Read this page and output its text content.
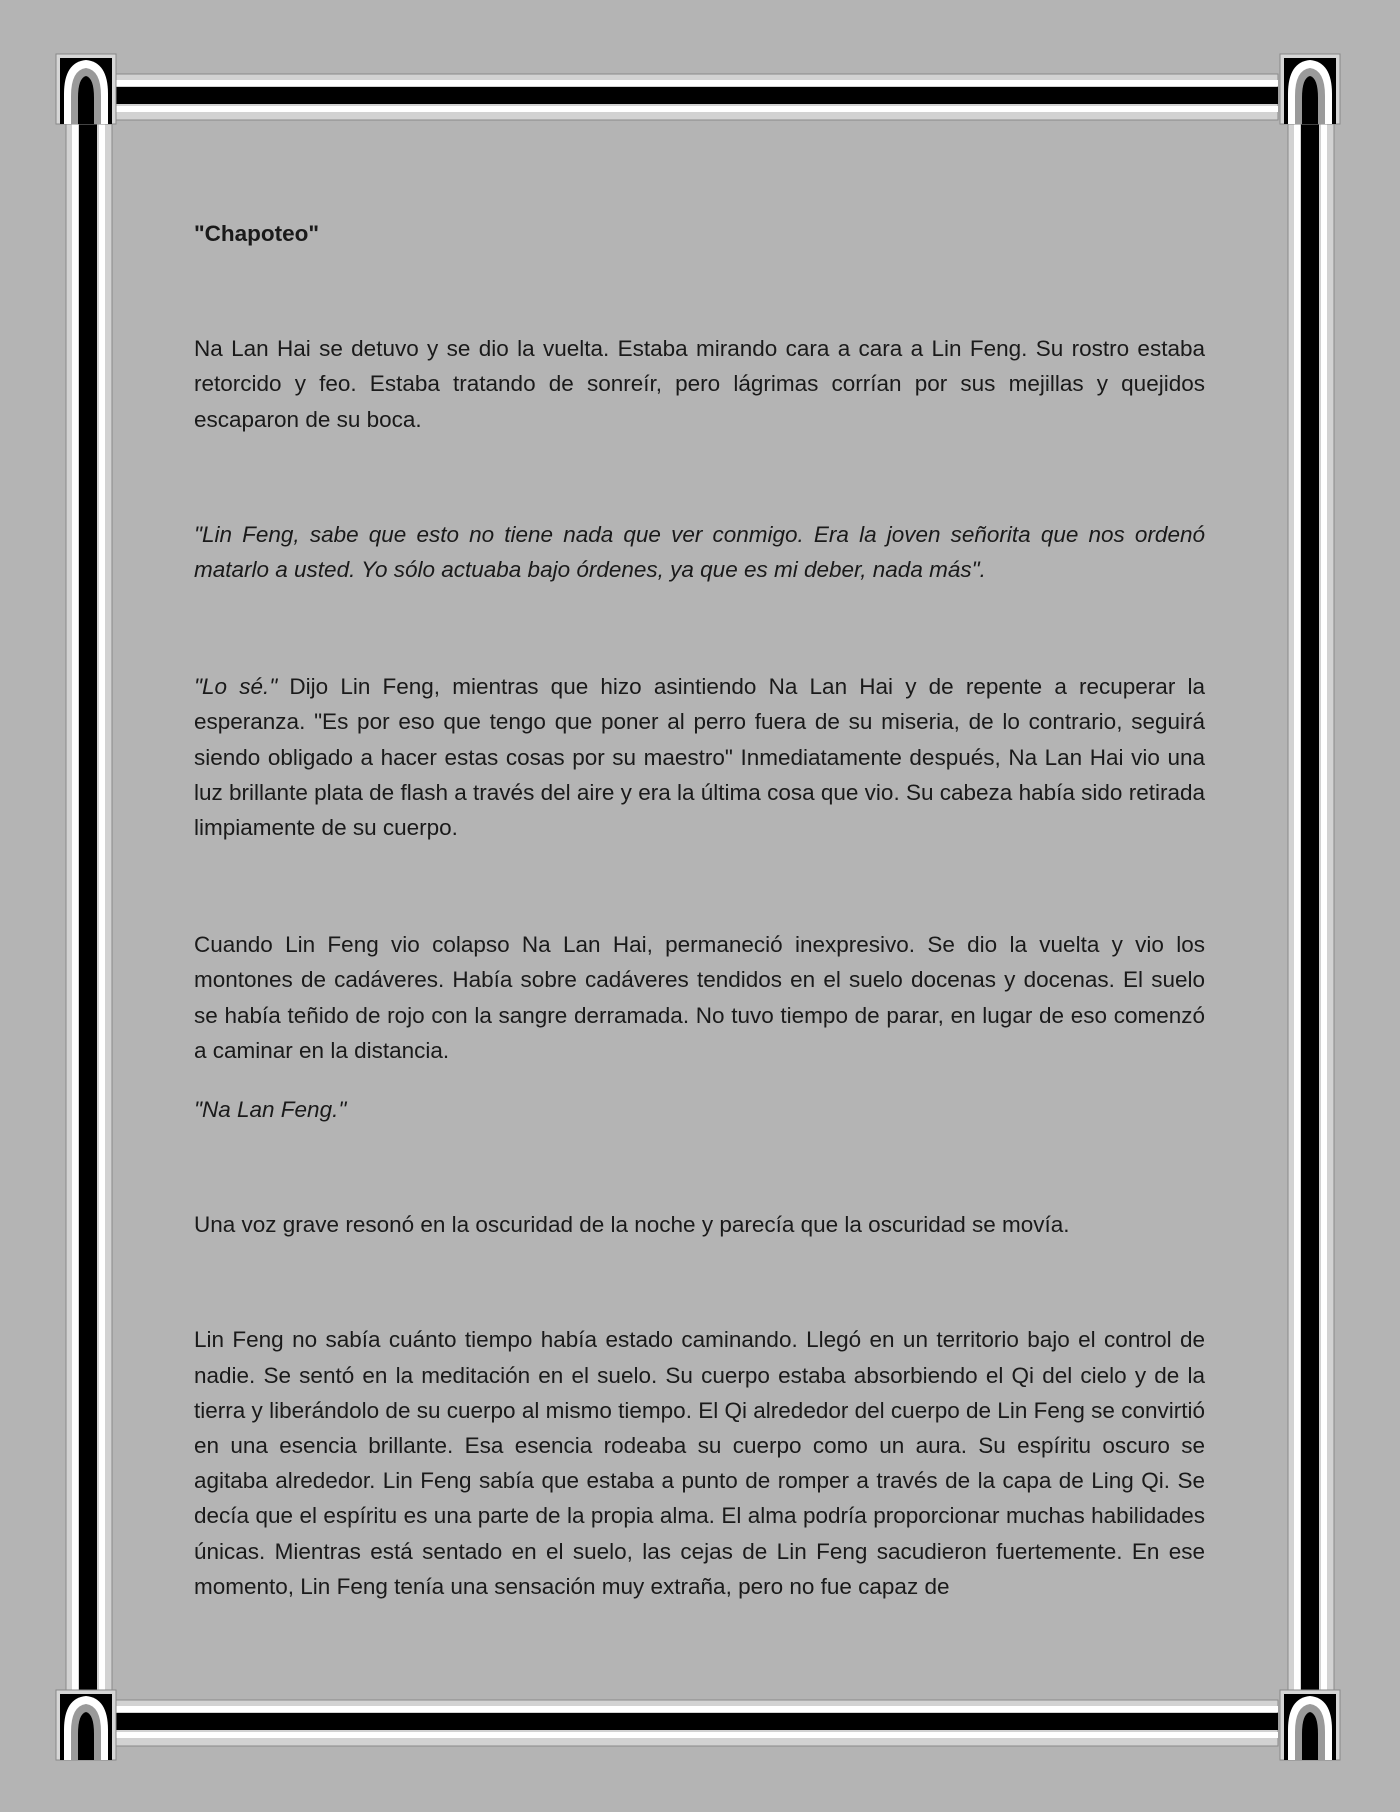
"Chapoteo"

Na Lan Hai se detuvo y se dio la vuelta. Estaba mirando cara a cara a Lin Feng. Su rostro estaba retorcido y feo. Estaba tratando de sonreír, pero lágrimas corrían por sus mejillas y quejidos escaparon de su boca.

"Lin Feng, sabe que esto no tiene nada que ver conmigo. Era la joven señorita que nos ordenó matarlo a usted. Yo sólo actuaba bajo órdenes, ya que es mi deber, nada más".

"Lo sé." Dijo Lin Feng, mientras que hizo asintiendo Na Lan Hai y de repente a recuperar la esperanza. "Es por eso que tengo que poner al perro fuera de su miseria, de lo contrario, seguirá siendo obligado a hacer estas cosas por su maestro" Inmediatamente después, Na Lan Hai vio una luz brillante plata de flash a través del aire y era la última cosa que vio. Su cabeza había sido retirada limpiamente de su cuerpo.

Cuando Lin Feng vio colapso Na Lan Hai, permaneció inexpresivo. Se dio la vuelta y vio los montones de cadáveres. Había sobre cadáveres tendidos en el suelo docenas y docenas. El suelo se había teñido de rojo con la sangre derramada. No tuvo tiempo de parar, en lugar de eso comenzó a caminar en la distancia.

"Na Lan Feng."

Una voz grave resonó en la oscuridad de la noche y parecía que la oscuridad se movía.

Lin Feng no sabía cuánto tiempo había estado caminando. Llegó en un territorio bajo el control de nadie. Se sentó en la meditación en el suelo. Su cuerpo estaba absorbiendo el Qi del cielo y de la tierra y liberándolo de su cuerpo al mismo tiempo. El Qi alrededor del cuerpo de Lin Feng se convirtió en una esencia brillante. Esa esencia rodeaba su cuerpo como un aura. Su espíritu oscuro se agitaba alrededor. Lin Feng sabía que estaba a punto de romper a través de la capa de Ling Qi. Se decía que el espíritu es una parte de la propia alma. El alma podría proporcionar muchas habilidades únicas. Mientras está sentado en el suelo, las cejas de Lin Feng sacudieron fuertemente. En ese momento, Lin Feng tenía una sensación muy extraña, pero no fue capaz de
